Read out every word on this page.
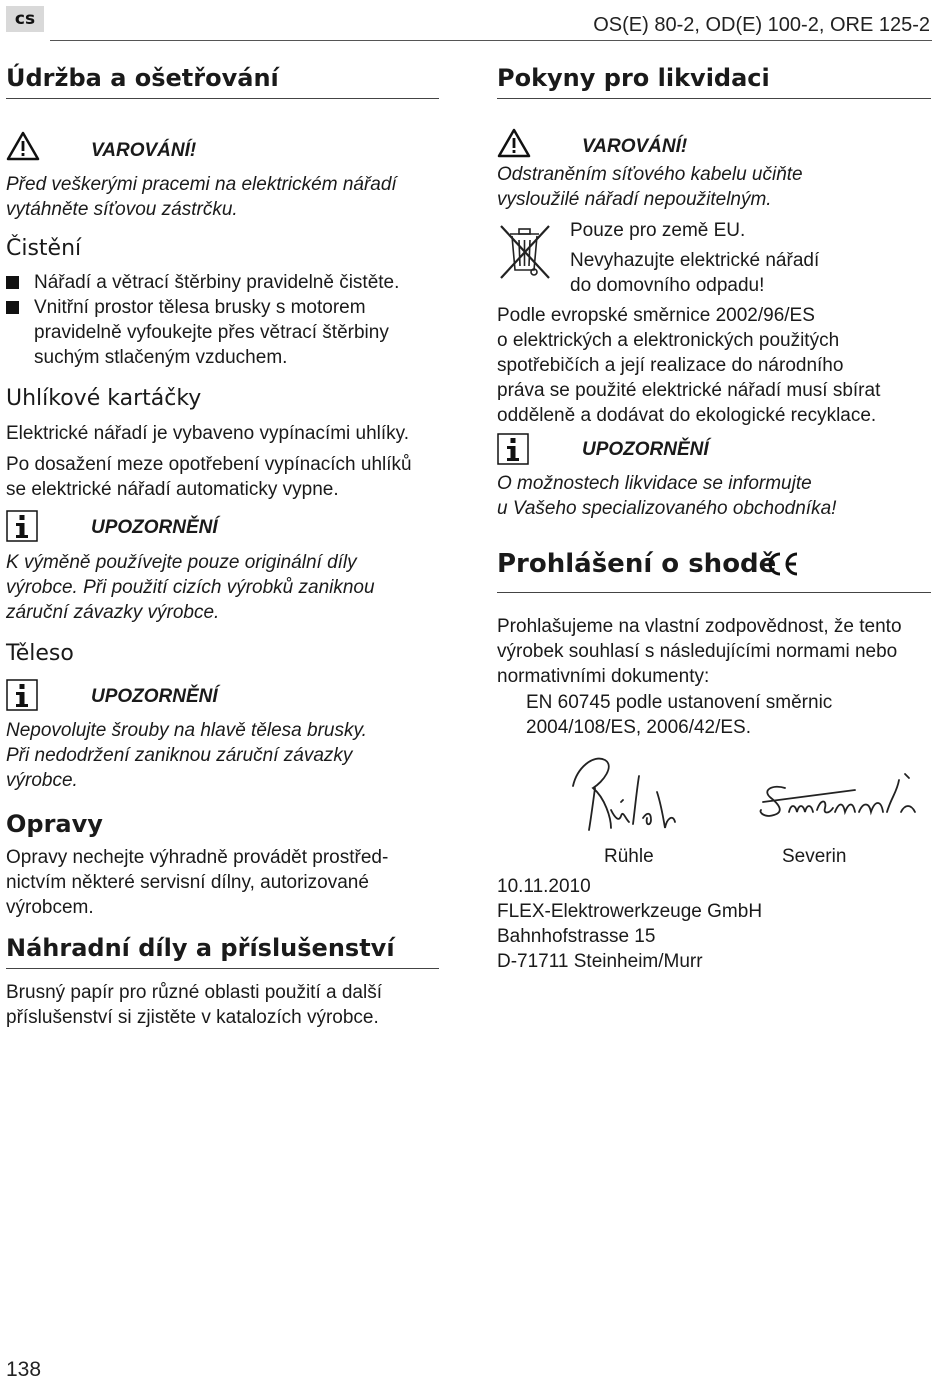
cs	OS(E) 80-2, OD(E) 100-2, ORE 125-2
Údržba a ošetřování
VAROVÁNÍ!
Před veškerými pracemi na elektrickém nářadí
vytáhněte síťovou zástrčku.
Čistění
Nářadí a větrací štěrbiny pravidelně čistěte.
Vnitřní prostor tělesa brusky s motorem
pravidelně vyfoukejte přes větrací štěrbiny
suchým stlačeným vzduchem.
Uhlíkové kartáčky
Elektrické nářadí je vybaveno vypínacími uhlíky.
Po dosažení meze opotřebení vypínacích uhlíků
se elektrické nářadí automaticky vypne.
UPOZORNĚNÍ
K výměně používejte pouze originální díly
výrobce. Při použití cizích výrobků zaniknou
záruční závazky výrobce.
Těleso
UPOZORNĚNÍ
Nepovolujte šrouby na hlavě tělesa brusky.
Při nedodržení zaniknou záruční závazky
výrobce.
Opravy
Opravy nechejte výhradně provádět prostřed-
nictvím některé servisní dílny, autorizované
výrobcem.
Náhradní díly a příslušenství
Brusný papír pro různé oblasti použití a další
příslušenství si zjistěte v katalozích výrobce.
Pokyny pro likvidaci
VAROVÁNÍ!
Odstraněním síťového kabelu učiňte
vysloužilé nářadí nepoužitelným.
Pouze pro země EU.
Nevyhazujte elektrické nářadí
do domovního odpadu!
Podle evropské směrnice 2002/96/ES
o elektrických a elektronických použitých
spotřebičích a její realizace do národního
práva se použité elektrické nářadí musí sbírat
odděleně a dodávat do ekologické recyklace.
UPOZORNĚNÍ
O možnostech likvidace se informujte
u Vašeho specializovaného obchodníka!
Prohlášení o shodě
Prohlašujeme na vlastní zodpovědnost, že tento
výrobek souhlasí s následujícími normami nebo
normativními dokumenty:
EN 60745 podle ustanovení směrnic
2004/108/ES, 2006/42/ES.
Rühle	Severin
10.11.2010
FLEX-Elektrowerkzeuge GmbH
Bahnhofstrasse 15
D-71711 Steinheim/Murr
138
